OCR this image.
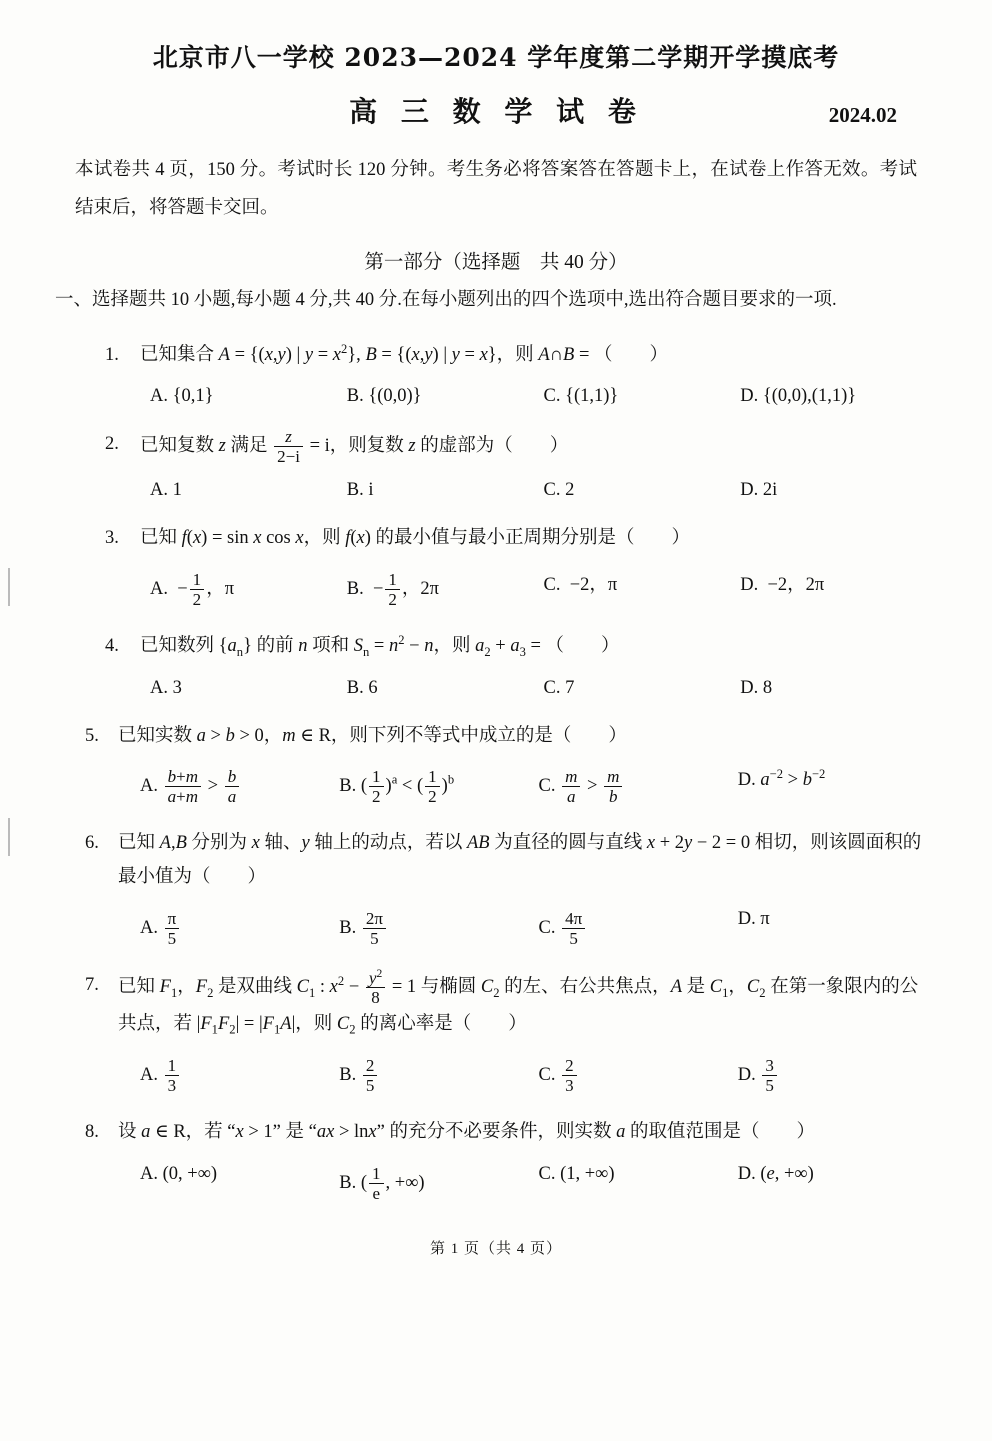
北京市八一学校 2023—2024 学年度第二学期开学摸底考
高 三 数 学 试 卷	2024.02
本试卷共 4 页，150 分。考试时长 120 分钟。考生务必将答案答在答题卡上，在试卷上作答无效。考试结束后，将答题卡交回。
第一部分（选择题　共 40 分）
一、选择题共 10 小题,每小题 4 分,共 40 分.在每小题列出的四个选项中,选出符合题目要求的一项.
1. 已知集合 A = {(x,y) | $y = x^2$}, B = {(x,y) | y = x}，则 A∩B = （　　）
A. {0,1}	B. {(0,0)}	C. {(1,1)}	D. {(0,0),(1,1)}
2. 已知复数 z 满足 $\frac{z}{2-i} = i$，则复数 z 的虚部为（　　）
A. 1	B. i	C. 2	D. 2i
3. 已知 f(x) = sin x cos x，则 f(x) 的最小值与最小正周期分别是（　　）
A.  − $\frac{1}{2}$ ，π	B.  − $\frac{1}{2}$ ，2π	C.  −2，π	D.  −2，2π
4. 已知数列 $\{a_n\}$ 的前 n 项和 $S_n = n^2 - n$，则 $a_2 + a_3$ = （　　）
A. 3	B. 6	C. 7	D. 8
5. 已知实数 a > b > 0，m ∈ R，则下列不等式中成立的是（　　）
A. $\frac{b+m}{a+m} > \frac{b}{a}$	B. ( $\frac{1}{2} )^a$ < ( $\frac{1}{2} )^b$	C. $\frac{m}{a} > \frac{m}{b}$	D. $a^{-2} > b^{-2}$
6. 已知 A,B 分别为 x 轴、y 轴上的动点，若以 AB 为直径的圆与直线 x + 2y − 2 = 0 相切，则该圆面积的最小值为（　　）
A. $\frac{\pi}{5}$	B. $\frac{2\pi}{5}$	C. $\frac{4\pi}{5}$	D. π
7. 已知 $F_1$，$F_2$ 是双曲线 $C_1$ : $x^2 - \frac{y^2}{8} = 1$ 与椭圆 $C_2$ 的左、右公共焦点，A 是 $C_1$，$C_2$ 在第一象限内的公共点，若 $|F_1F_2| = |F_1A|$，则 $C_2$ 的离心率是（　　）
A. $\frac{1}{3}$	B. $\frac{2}{5}$	C. $\frac{2}{3}$	D. $\frac{3}{5}$
8. 设 a ∈ R，若 “x > 1” 是 “ax > lnx” 的充分不必要条件，则实数 a 的取值范围是（　　）
A. (0, +∞)	B. ( $\frac{1}{e}$ , +∞)	C. (1, +∞)	D. (e, +∞)
第 1 页（共 4 页）
